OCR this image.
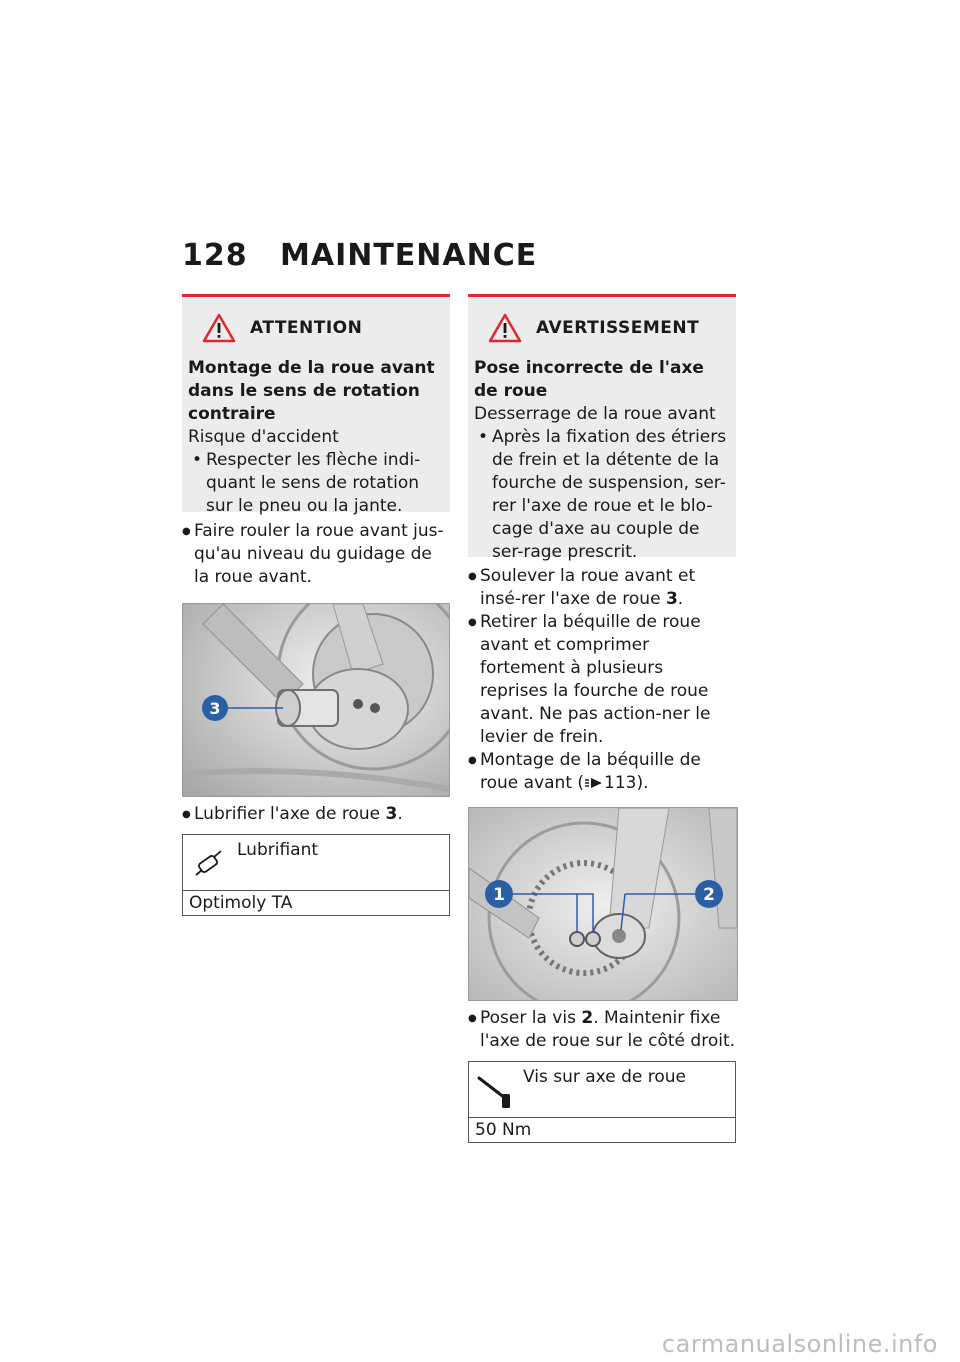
128	MAINTENANCE
ATTENTION
Montage de la roue avant dans le sens de rotation contraire
Risque d'accident
• Respecter les flèche indi-quant le sens de rotation sur le pneu ou la jante.
● Faire rouler la roue avant jus-qu'au niveau du guidage de la roue avant.
3
● Lubrifier l'axe de roue 3.
Lubrifiant
Optimoly TA
AVERTISSEMENT
Pose incorrecte de l'axe de roue
Desserrage de la roue avant
• Après la fixation des étriers de frein et la détente de la fourche de suspension, ser-rer l'axe de roue et le blo-cage d'axe au couple de ser-rage prescrit.
● Soulever la roue avant et insé-rer l'axe de roue 3.
● Retirer la béquille de roue avant et comprimer fortement à plusieurs reprises la fourche de roue avant. Ne pas action-ner le levier de frein.
● Montage de la béquille de roue avant ( 113).
1	2
● Poser la vis 2. Maintenir fixe l'axe de roue sur le côté droit.
Vis sur axe de roue
50 Nm
carmanualsonline.info
